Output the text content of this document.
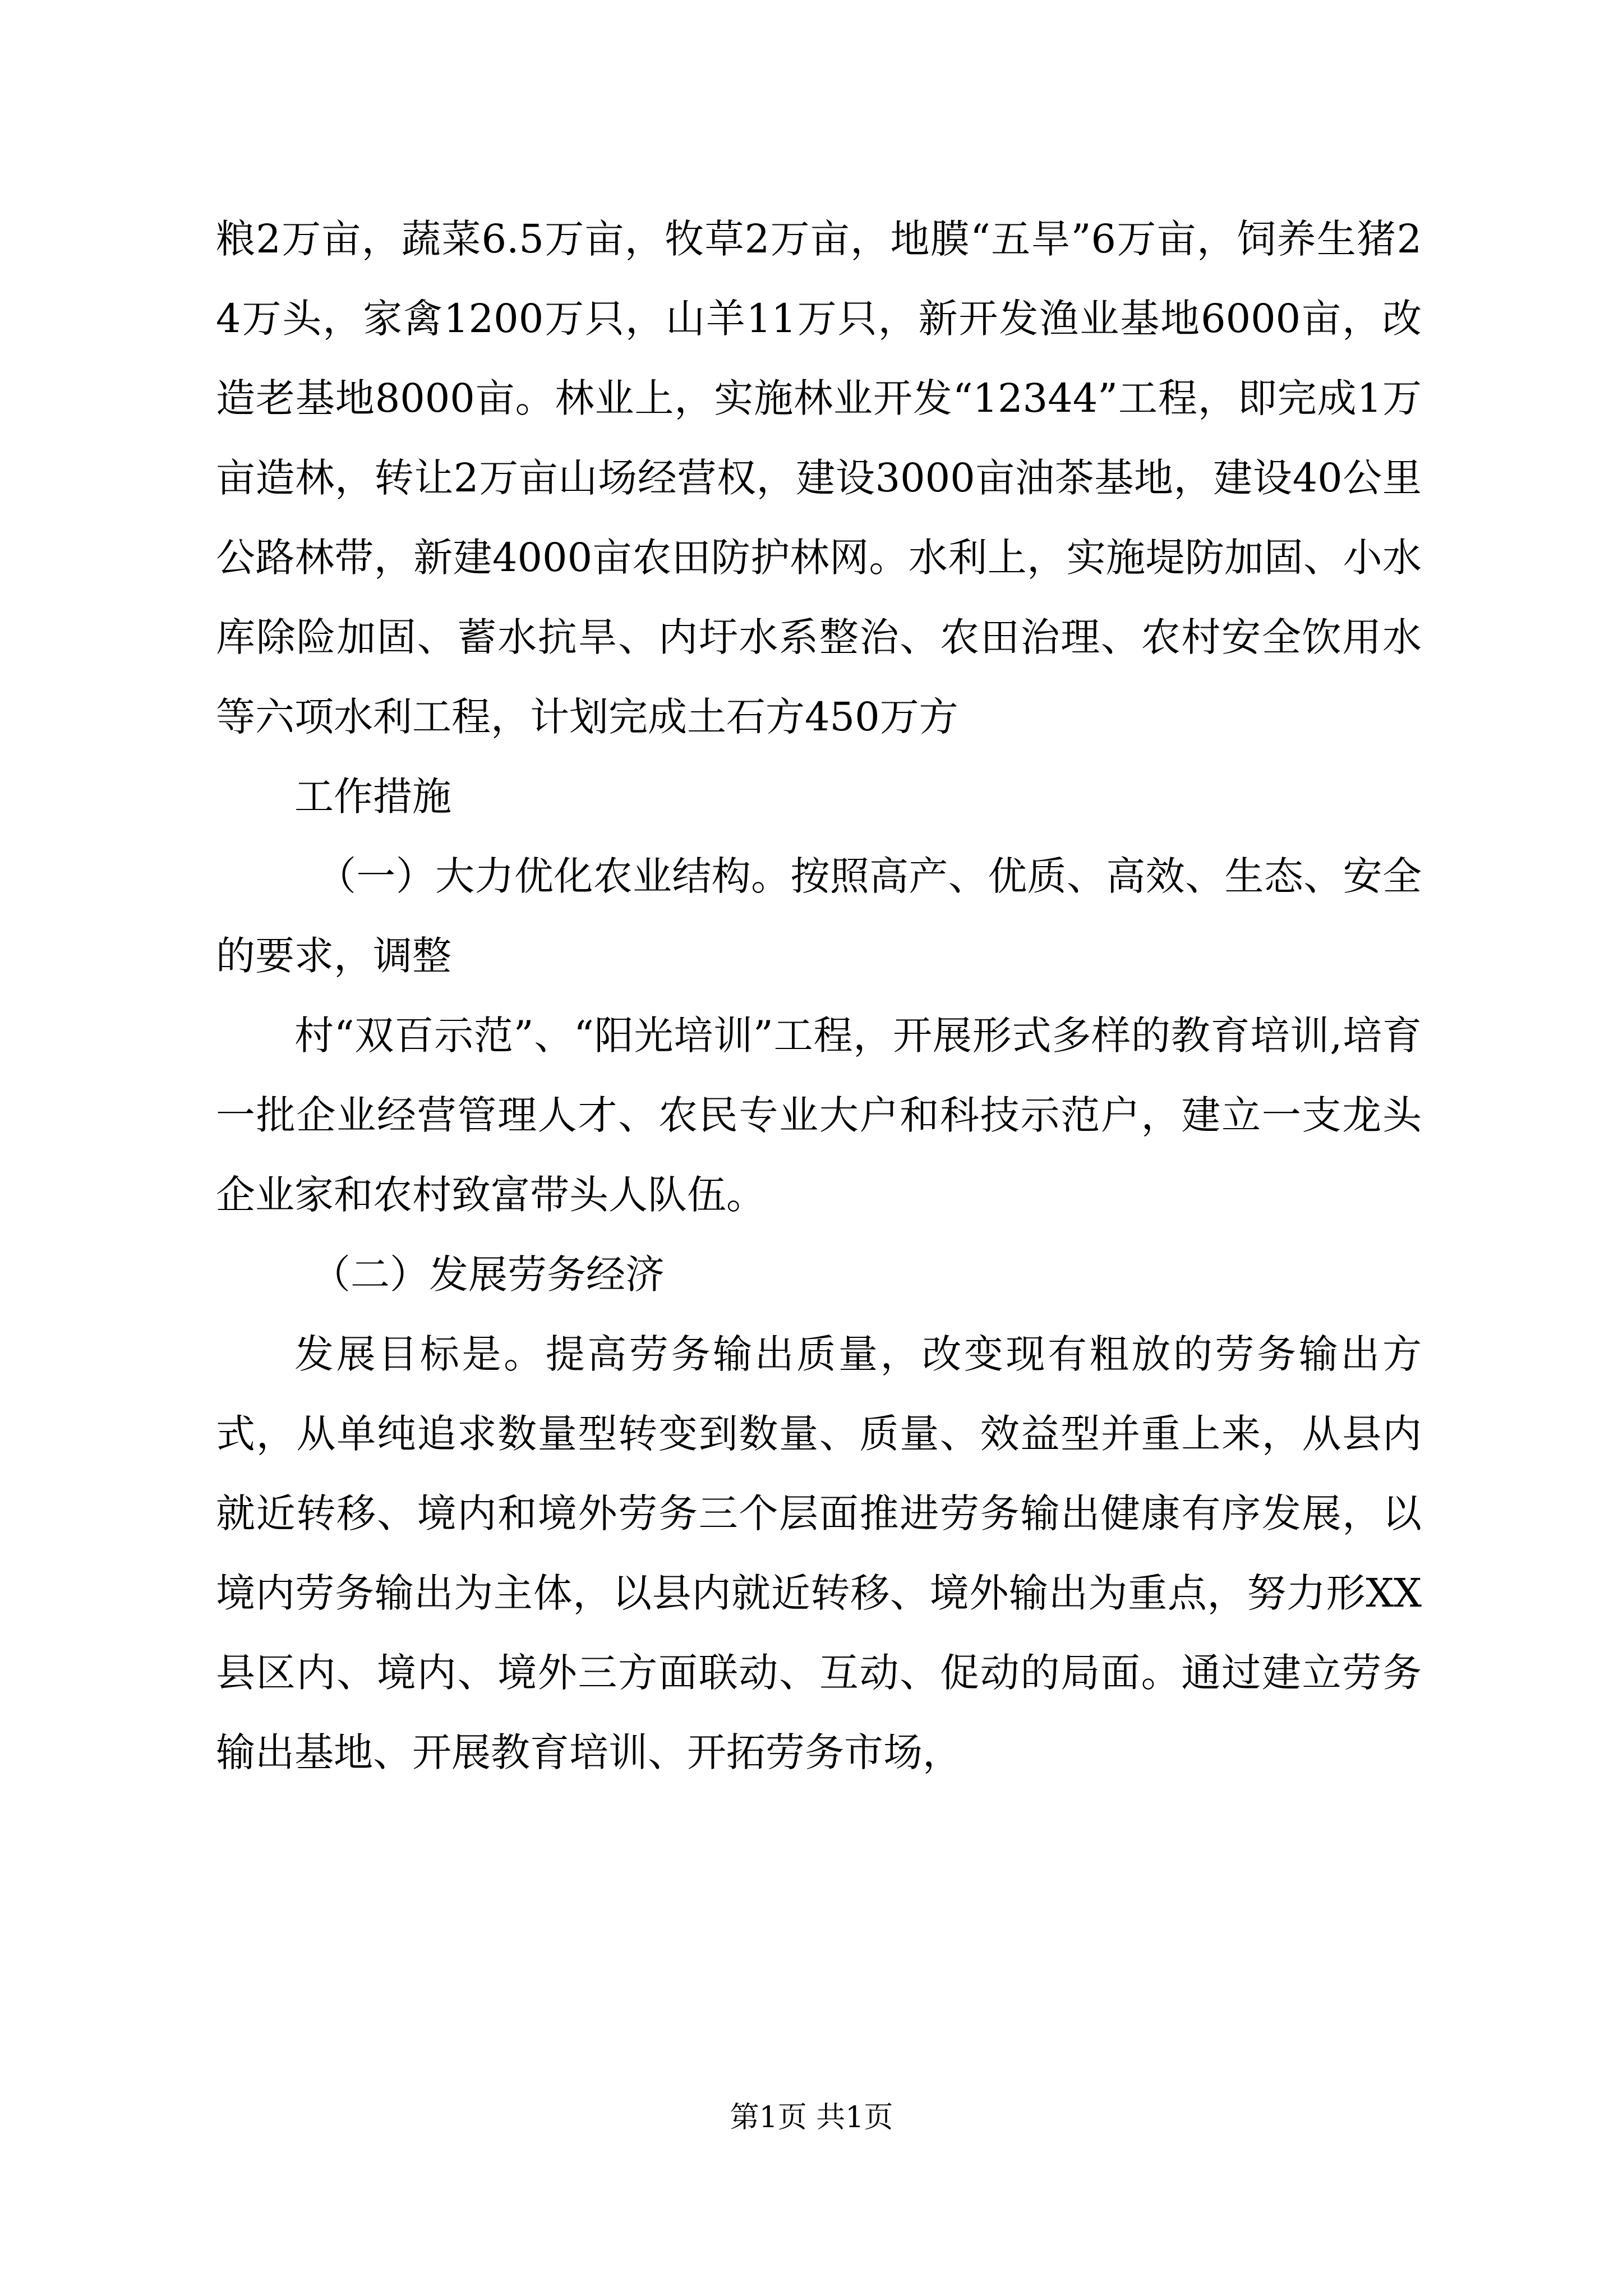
粮2万亩，蔬菜6.5万亩，牧草2万亩，地膜“五旱”6万亩，饲养生猪24万头，家禽1200万只，山羊11万只，新开发渔业基地6000亩，改造老基地8000亩。林业上，实施林业开发“12344”工程，即完成1万亩造林，转让2万亩山场经营权，建设3000亩油茶基地，建设40公里公路林带，新建4000亩农田防护林网。水利上，实施堤防加固、小水库除险加固、蓄水抗旱、内圩水系整治、农田治理、农村安全饮用水等六项水利工程，计划完成土石方450万方

工作措施

（一）大力优化农业结构。按照高产、优质、高效、生态、安全的要求，调整

村“双百示范”、“阳光培训”工程，开展形式多样的教育培训,培育一批企业经营管理人才、农民专业大户和科技示范户，建立一支龙头企业家和农村致富带头人队伍。

（二）发展劳务经济

发展目标是。提高劳务输出质量，改变现有粗放的劳务输出方式，从单纯追求数量型转变到数量、质量、效益型并重上来，从县内就近转移、境内和境外劳务三个层面推进劳务输出健康有序发展，以境内劳务输出为主体，以县内就近转移、境外输出为重点，努力形XX县区内、境内、境外三方面联动、互动、促动的局面。通过建立劳务输出基地、开展教育培训、开拓劳务市场，

第1页 共1页
